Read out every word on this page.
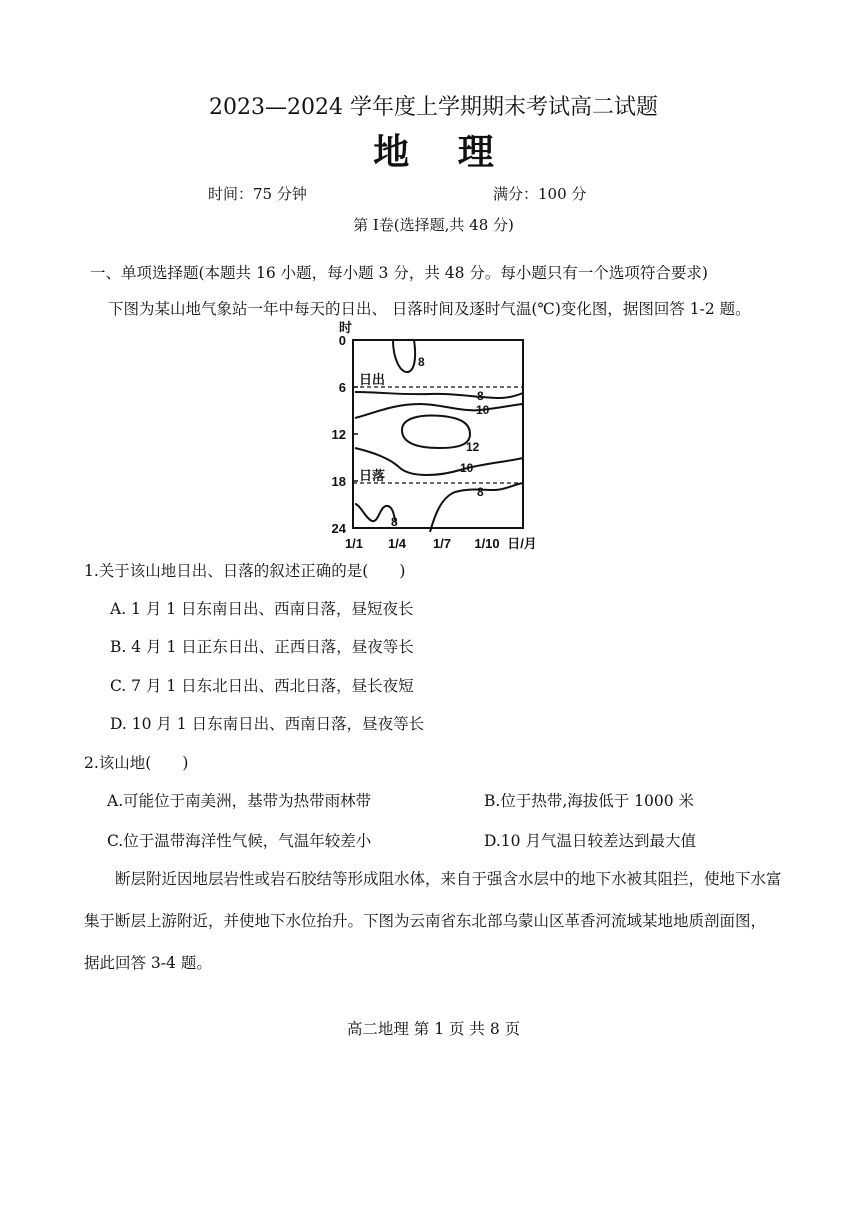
2023—2024 学年度上学期期末考试高二试题
地 理
时间：75 分钟	满分：100 分
第 I卷(选择题,共 48 分)
一、单项选择题(本题共 16 小题，每小题 3 分，共 48 分。每小题只有一个选项符合要求)
下图为某山地气象站一年中每天的日出、 日落时间及逐时气温(℃)变化图，据图回答 1-2 题。
8
8
10
12
10
8
8
日出
日落
时
0
6
12
18
24
1/1 1/4 1/7 1/10 日/月
1.关于该山地日出、日落的叙述正确的是(　　)
A. 1 月 1 日东南日出、西南日落，昼短夜长
B. 4 月 1 日正东日出、正西日落，昼夜等长
C. 7 月 1 日东北日出、西北日落，昼长夜短
D. 10 月 1 日东南日出、西南日落，昼夜等长
2.该山地(　　)
A.可能位于南美洲，基带为热带雨林带	B.位于热带,海拔低于 1000 米
C.位于温带海洋性气候，气温年较差小	D.10 月气温日较差达到最大值
断层附近因地层岩性或岩石胶结等形成阻水体，来自于强含水层中的地下水被其阻拦，使地下水富集于断层上游附近，并使地下水位抬升。下图为云南省东北部乌蒙山区革香河流域某地地质剖面图， 据此回答 3-4 题。
高二地理 第 1 页 共 8 页
